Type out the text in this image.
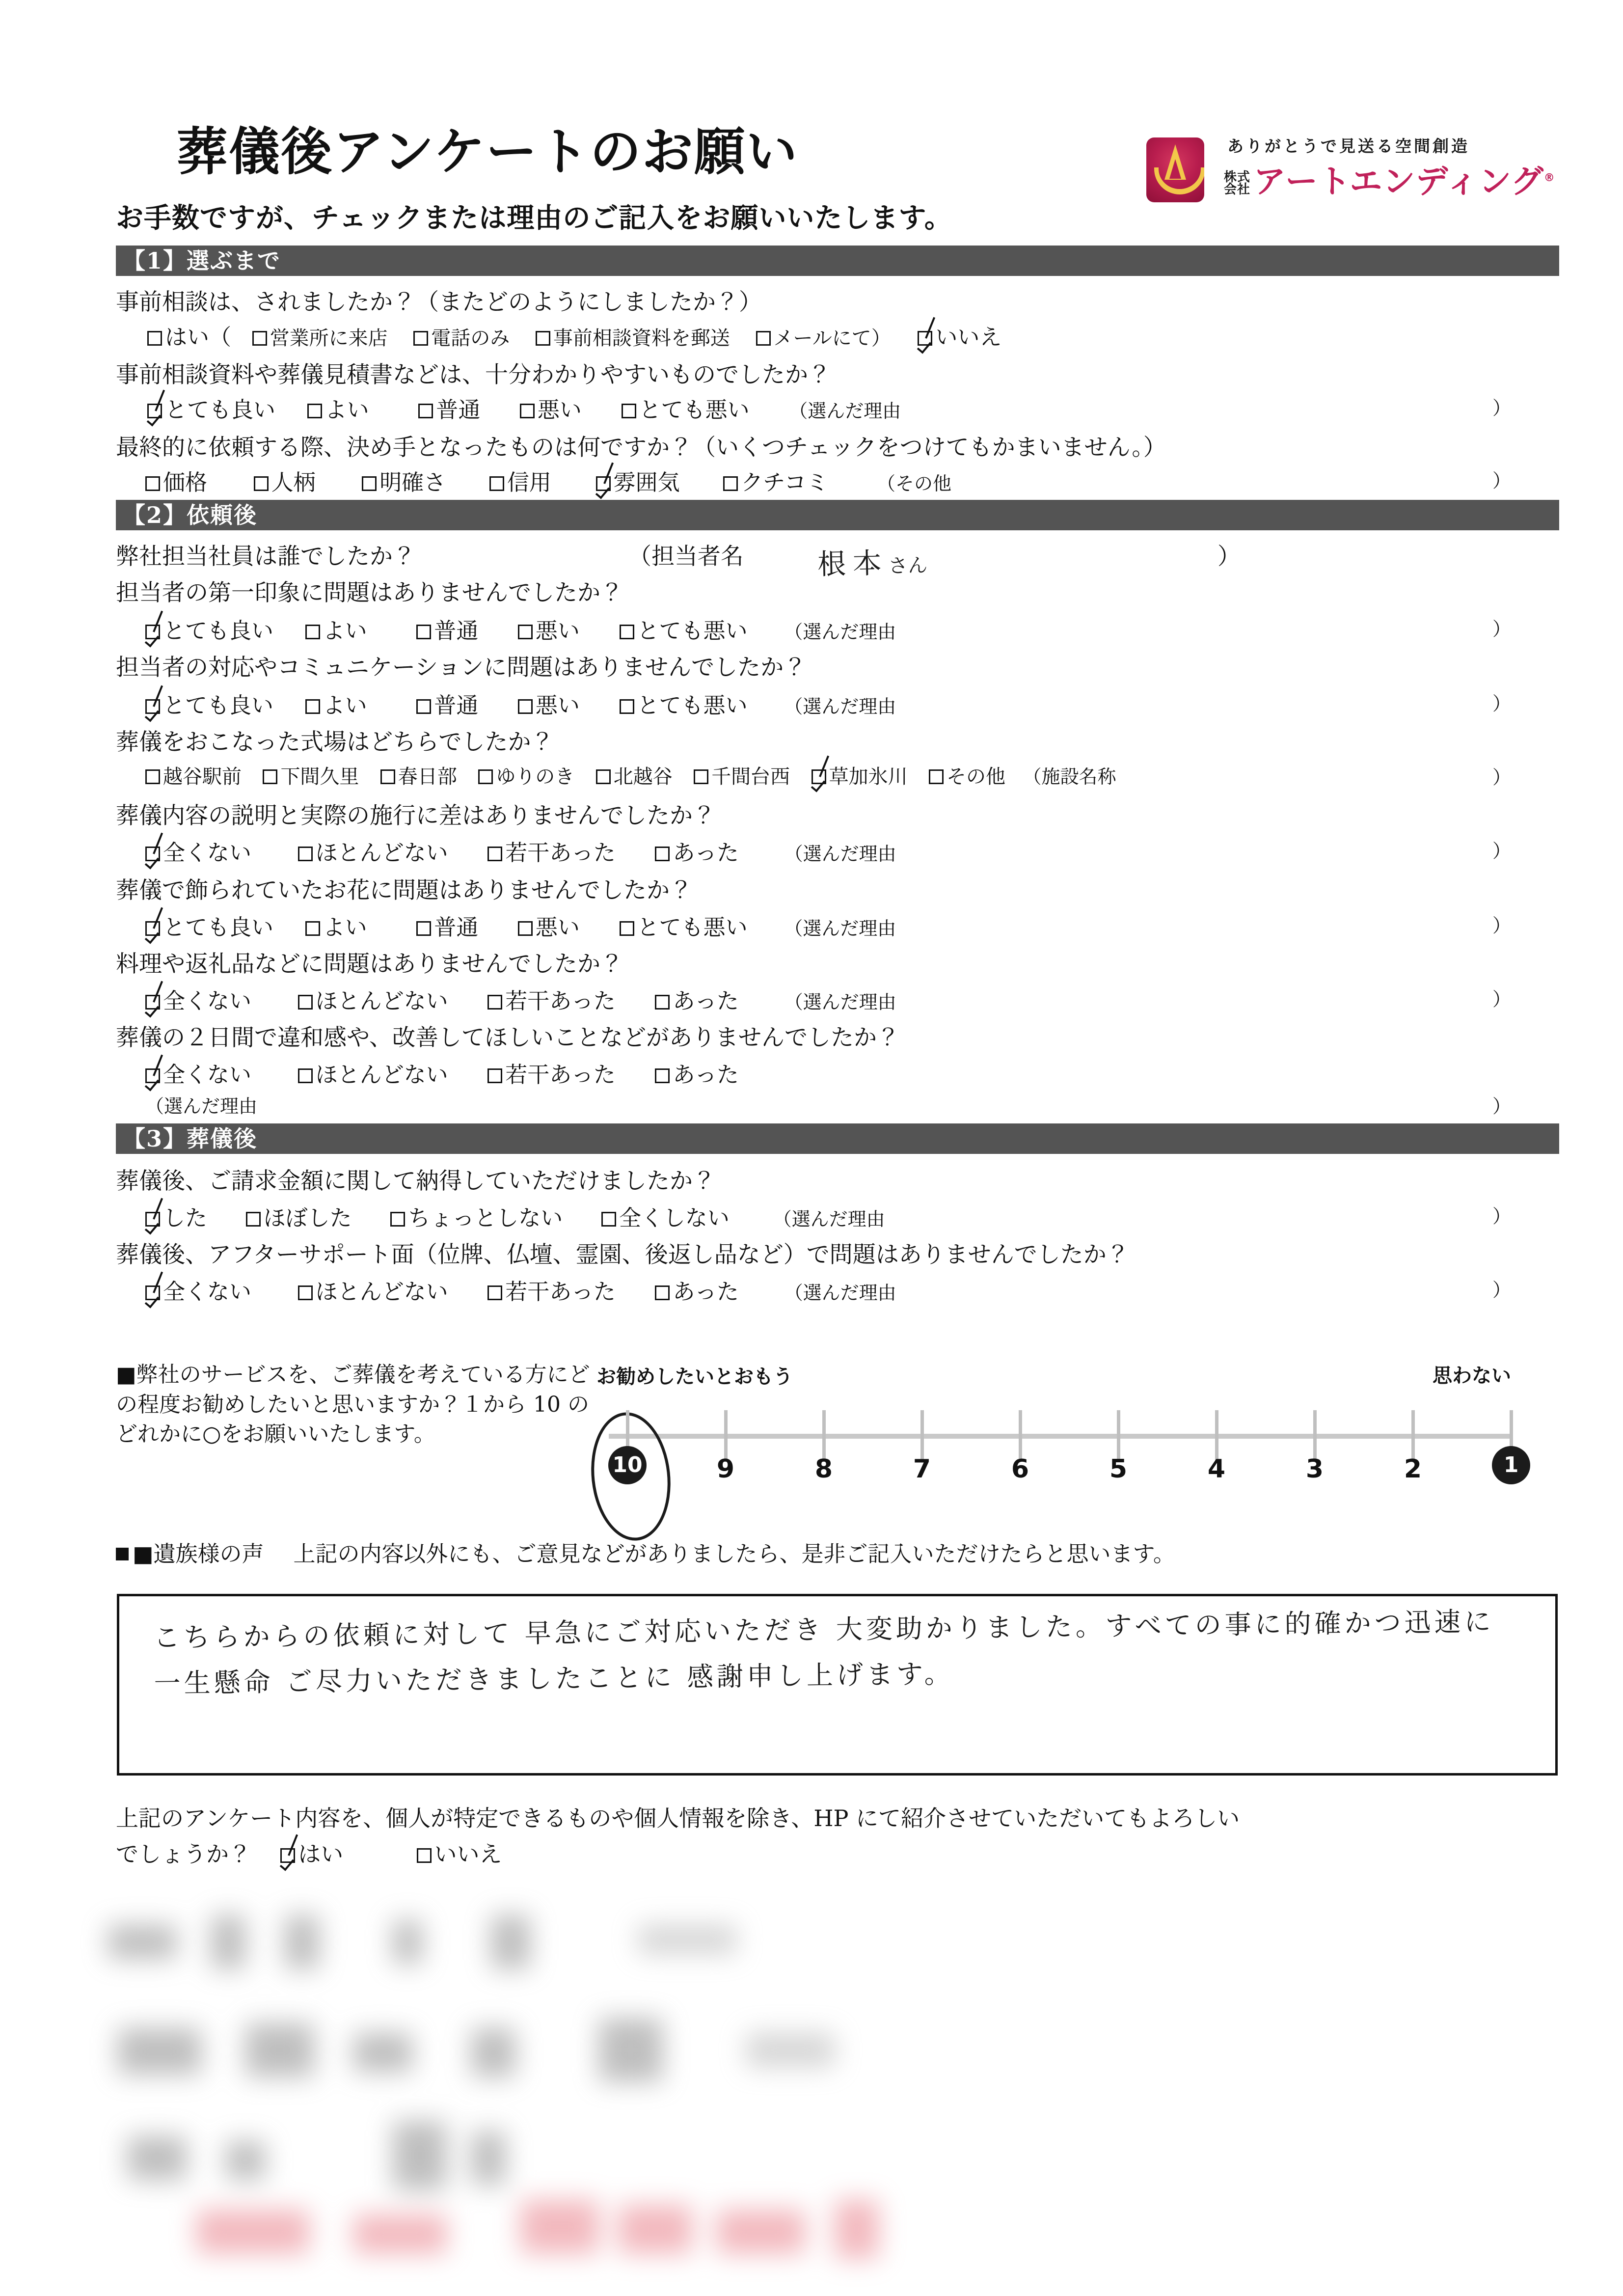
葬儀後アンケートのお願い
お手数ですが、チェックまたは理由のご記入をお願いいたします。
ありがとうで見送る空間創造
株式
会社 アートエンディング®
【1】選ぶまで
事前相談は、されましたか？（またどのようにしましたか？）
はい（ 営業所に来店 電話のみ 事前相談資料を郵送 メールにて） いいえ
事前相談資料や葬儀見積書などは、十分わかりやすいものでしたか？
とても良い よい	普通	悪い	とても悪い （選んだ理由	）
最終的に依頼する際、決め手となったものは何ですか？（いくつチェックをつけてもかまいません。）
価格	人柄	明確さ	信用	雰囲気	クチコミ	（その他	）
【2】依頼後
弊社担当社員は誰でしたか？	（担当者名	根本さん	）
担当者の第一印象に問題はありませんでしたか？
とても良い よい	普通	悪い	とても悪い （選んだ理由	）
担当者の対応やコミュニケーションに問題はありませんでしたか？
とても良い よい	普通	悪い	とても悪い （選んだ理由	）
葬儀をおこなった式場はどちらでしたか？
越谷駅前 下間久里 春日部 ゆりのき 北越谷 千間台西 草加氷川 その他 （施設名称	）
葬儀内容の説明と実際の施行に差はありませんでしたか？
全くない	ほとんどない	若干あった	あった （選んだ理由	）
葬儀で飾られていたお花に問題はありませんでしたか？
とても良い よい	普通	悪い	とても悪い （選んだ理由	）
料理や返礼品などに問題はありませんでしたか？
全くない	ほとんどない	若干あった	あった （選んだ理由	）
葬儀の２日間で違和感や、改善してほしいことなどがありませんでしたか？
全くない	ほとんどない	若干あった	あった
（選んだ理由	）
【3】葬儀後
葬儀後、ご請求金額に関して納得していただけましたか？
した	ほぼした	ちょっとしない	全くしない （選んだ理由	）
葬儀後、アフターサポート面（位牌、仏壇、霊園、後返し品など）で問題はありませんでしたか？
全くない	ほとんどない	若干あった	あった （選んだ理由	）
■弊社のサービスを、ご葬儀を考えている方にどの程度お勧めしたいと思いますか？１から 10 のどれかに○をお願いいたします。
お勧めしたいとおもう	思わない
10	9	8	7	6	5	4	3	2	1
■遺族様の声 上記の内容以外にも、ご意見などがありましたら、是非ご記入いただけたらと思います。
こちらからの依頼に対して 早急にご対応いただき 大変助かりました。すべての事に的確かつ迅速に 一生懸命 ご尽力いただきましたことに 感謝申し上げます。
上記のアンケート内容を、個人が特定できるものや個人情報を除き、HP にて紹介させていただいてもよろしい
でしょうか？ はい	いいえ
